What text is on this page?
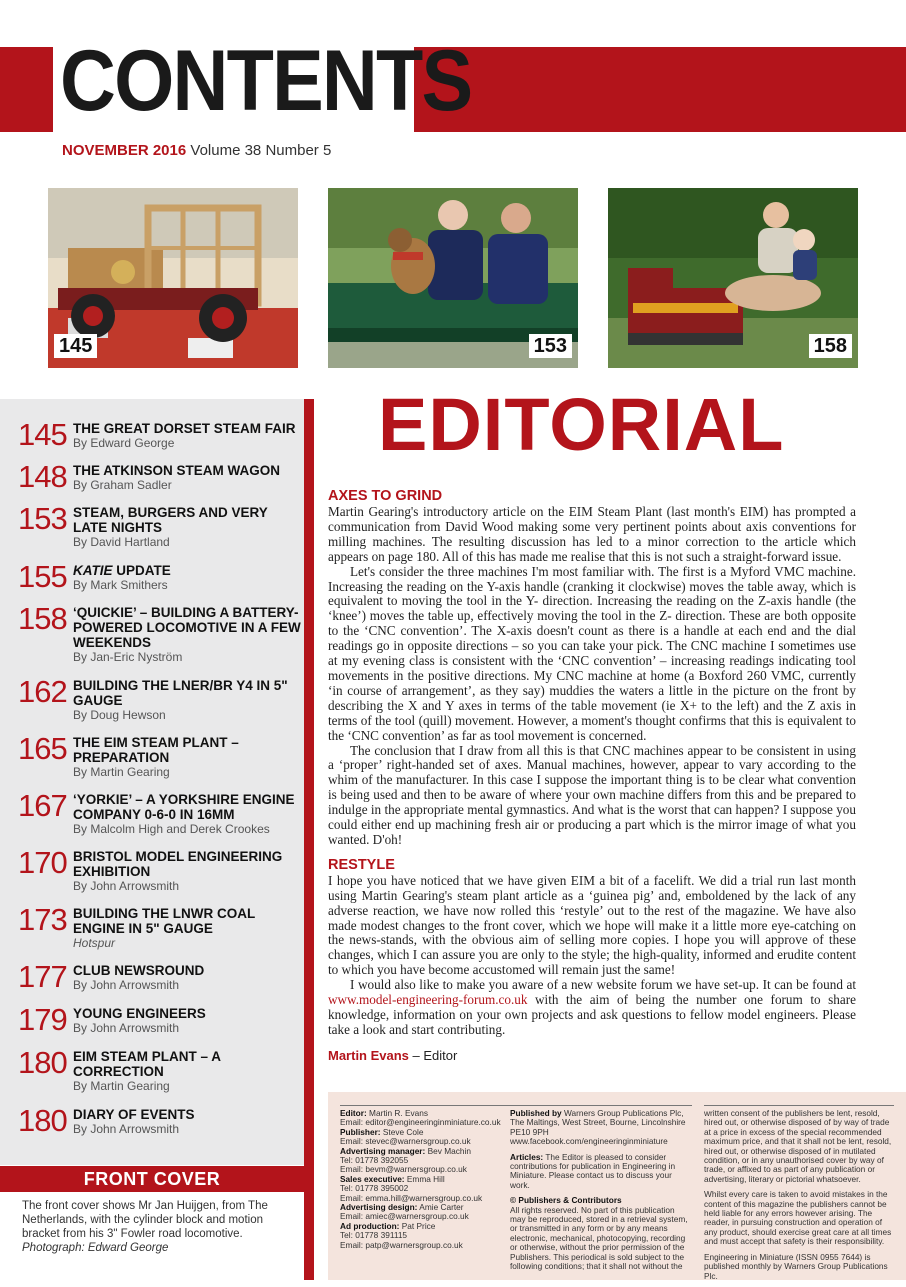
CONTENTS
NOVEMBER 2016 Volume 38 Number 5
145	153	158
145 THE GREAT DORSET STEAM FAIR
By Edward George
148 THE ATKINSON STEAM WAGON
By Graham Sadler
153 STEAM, BURGERS AND VERY LATE NIGHTS
By David Hartland
155 KATIE UPDATE
By Mark Smithers
158 ‘QUICKIE’ – BUILDING A BATTERY-POWERED LOCOMOTIVE IN A FEW WEEKENDS
By Jan-Eric Nyström
162 BUILDING THE LNER/BR Y4 IN 5" GAUGE
By Doug Hewson
165 THE EIM STEAM PLANT – PREPARATION
By Martin Gearing
167 ‘YORKIE’ – A YORKSHIRE ENGINE COMPANY 0-6-0 IN 16MM
By Malcolm High and Derek Crookes
170 BRISTOL MODEL ENGINEERING EXHIBITION
By John Arrowsmith
173 BUILDING THE LNWR COAL ENGINE IN 5" GAUGE
Hotspur
177 CLUB NEWSROUND
By John Arrowsmith
179 YOUNG ENGINEERS
By John Arrowsmith
180 EIM STEAM PLANT – A CORRECTION
By Martin Gearing
180 DIARY OF EVENTS
By John Arrowsmith
FRONT COVER
The front cover shows Mr Jan Huijgen, from The Netherlands, with the cylinder block and motion bracket from his 3" Fowler road locomotive.
Photograph: Edward George
EDITORIAL
AXES TO GRIND

Martin Gearing's introductory article on the EIM Steam Plant (last month's EIM) has prompted a communication from David Wood making some very pertinent points about axis conventions for milling machines. The resulting discussion has led to a minor correction to the article which appears on page 180. All of this has made me realise that this is not such a straight-forward issue.

Let's consider the three machines I'm most familiar with. The first is a Myford VMC machine. Increasing the reading on the Y-axis handle (cranking it clockwise) moves the table away, which is equivalent to moving the tool in the Y- direction. Increasing the reading on the Z-axis handle (the ‘knee’) moves the table up, effectively moving the tool in the Z- direction. These are both opposite to the ‘CNC convention’. The X-axis doesn't count as there is a handle at each end and the dial readings go in opposite directions – so you can take your pick. The CNC machine I sometimes use at my evening class is consistent with the ‘CNC convention’ – increasing readings indicating tool movements in the positive directions. My CNC machine at home (a Boxford 260 VMC, currently ‘in course of arrangement’, as they say) muddies the waters a little in the picture on the front by describing the X and Y axes in terms of the table movement (ie X+ to the left) and the Z axis in terms of the tool (quill) movement. However, a moment's thought confirms that this is equivalent to the ‘CNC convention’ as far as tool movement is concerned.

The conclusion that I draw from all this is that CNC machines appear to be consistent in using a ‘proper’ right-handed set of axes. Manual machines, however, appear to vary according to the whim of the manufacturer. In this case I suppose the important thing is to be clear what convention is being used and then to be aware of where your own machine differs from this and be prepared to indulge in the appropriate mental gymnastics. And what is the worst that can happen? I suppose you could either end up machining fresh air or producing a part which is the mirror image of what you wanted. D'oh!

RESTYLE

I hope you have noticed that we have given EIM a bit of a facelift. We did a trial run last month using Martin Gearing's steam plant article as a ‘guinea pig’ and, emboldened by the lack of any adverse reaction, we have now rolled this ‘restyle’ out to the rest of the magazine. We have also made modest changes to the front cover, which we hope will make it a little more eye-catching on the news-stands, with the obvious aim of selling more copies. I hope you will approve of these changes, which I can assure you are only to the style; the high-quality, informed and erudite content to which you have become accustomed will remain just the same!

I would also like to make you aware of a new website forum we have set-up. It can be found at www.model-engineering-forum.co.uk with the aim of being the number one forum to share knowledge, information on your own projects and ask questions to fellow model engineers. Please take a look and start contributing.

Martin Evans – Editor
Editor: Martin R. Evans
Email: editor@engineeringinminiature.co.uk
Publisher: Steve Cole
Email: stevec@warnersgroup.co.uk
Advertising manager: Bev Machin
Tel: 01778 392055
Email: bevm@warnersgroup.co.uk
Sales executive: Emma Hill
Tel: 01778 395002
Email: emma.hill@warnersgroup.co.uk
Advertising design: Amie Carter
Email: amiec@warnersgroup.co.uk
Ad production: Pat Price
Tel: 01778 391115
Email: patp@warnersgroup.co.uk

Published by Warners Group Publications Plc, The Maltings, West Street, Bourne, Lincolnshire PE10 9PH
www.facebook.com/engineeringinminiature

Articles: The Editor is pleased to consider contributions for publication in Engineering in Miniature. Please contact us to discuss your work.

© Publishers & Contributors
All rights reserved. No part of this publication may be reproduced, stored in a retrieval system, or transmitted in any form or by any means electronic, mechanical, photocopying, recording or otherwise, without the prior permission of the Publishers. This periodical is sold subject to the following conditions; that it shall not without the

written consent of the publishers be lent, resold, hired out, or otherwise disposed of by way of trade at a price in excess of the special recommended maximum price, and that it shall not be lent, resold, hired out, or otherwise disposed of in mutilated condition, or in any unauthorised cover by way of trade, or affixed to as part of any publication or advertising, literary or pictorial whatsoever.

Whilst every care is taken to avoid mistakes in the content of this magazine the publishers cannot be held liable for any errors however arising. The reader, in pursuing construction and operation of any product, should exercise great care at all times and must accept that safety is their responsibility.

Engineering in Miniature (ISSN 0955 7644) is published monthly by Warners Group Publications Plc.
